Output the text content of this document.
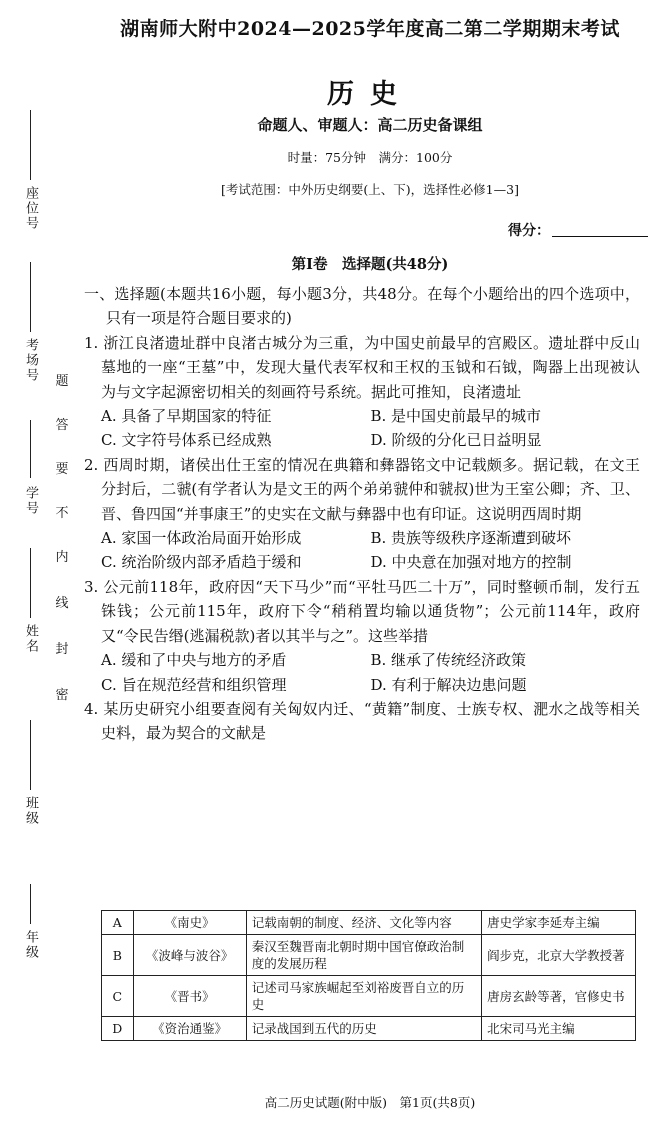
座位号
考场号
学号
姓名
班级
年级
题
答
要
不
内
线
封
密
湖南师大附中2024—2025学年度高二第二学期期末考试
历史
命题人、审题人：高二历史备课组
时量：75分钟　满分：100分
[考试范围：中外历史纲要(上、下)，选择性必修1—3]
得分：
第Ⅰ卷　选择题(共48分)

一、选择题(本题共16小题，每小题3分，共48分。在每个小题给出的四个选项中，只有一项是符合题目要求的)

1. 浙江良渚遗址群中良渚古城分为三重，为中国史前最早的宫殿区。遗址群中反山墓地的一座“王墓”中，发现大量代表军权和王权的玉钺和石钺，陶器上出现被认为与文字起源密切相关的刻画符号系统。据此可推知，良渚遗址

A. 具备了早期国家的特征	B. 是中国史前最早的城市
C. 文字符号体系已经成熟	D. 阶级的分化已日益明显

2. 西周时期，诸侯出仕王室的情况在典籍和彝器铭文中记载颇多。据记载，在文王分封后，二虢(有学者认为是文王的两个弟弟虢仲和虢叔)世为王室公卿；齐、卫、晋、鲁四国“并事康王”的史实在文献与彝器中也有印证。这说明西周时期

A. 家国一体政治局面开始形成	B. 贵族等级秩序逐渐遭到破坏
C. 统治阶级内部矛盾趋于缓和	D. 中央意在加强对地方的控制

3. 公元前118年，政府因“天下马少”而“平牡马匹二十万”，同时整顿币制，发行五铢钱；公元前115年，政府下令“稍稍置均输以通货物”；公元前114年，政府又“令民告缗(逃漏税款)者以其半与之”。这些举措

A. 缓和了中央与地方的矛盾	B. 继承了传统经济政策
C. 旨在规范经营和组织管理	D. 有利于解决边患问题

4. 某历史研究小组要查阅有关匈奴内迁、“黄籍”制度、士族专权、淝水之战等相关史料，最为契合的文献是

A	《南史》	记载南朝的制度、经济、文化等内容	唐史学家李延寿主编
B	《波峰与波谷》	秦汉至魏晋南北朝时期中国官僚政治制度的发展历程	阎步克，北京大学教授著
C	《晋书》	记述司马家族崛起至刘裕废晋自立的历史	唐房玄龄等著，官修史书
D	《资治通鉴》	记录战国到五代的历史	北宋司马光主编
高二历史试题(附中版)　第1页(共8页)
